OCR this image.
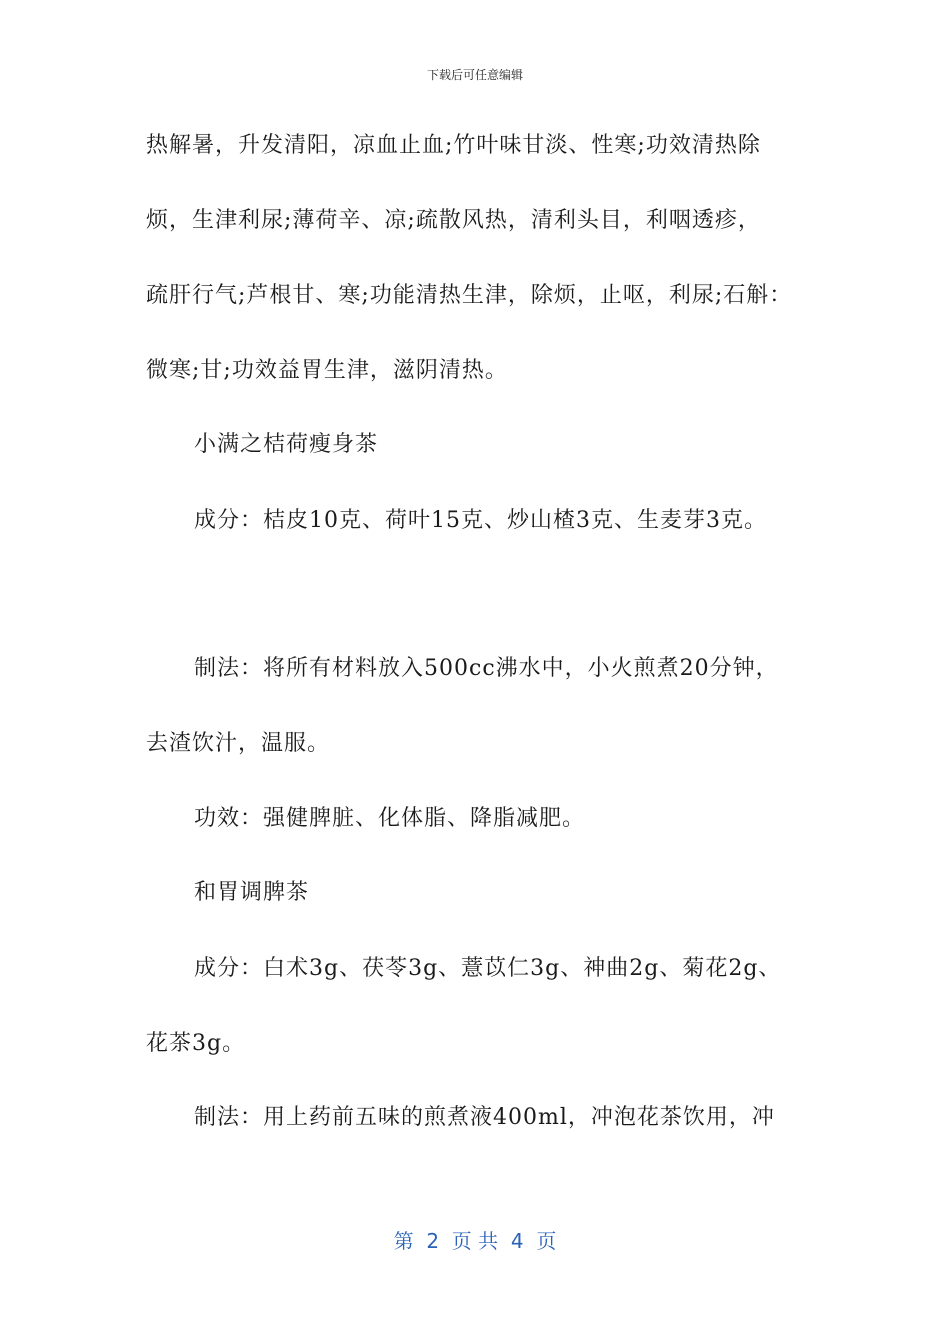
下载后可任意编辑
热解暑，升发清阳，凉血止血;竹叶味甘淡、性寒;功效清热除
烦，生津利尿;薄荷辛、凉;疏散风热，清利头目，利咽透疹，
疏肝行气;芦根甘、寒;功能清热生津，除烦，止呕，利尿;石斛：
微寒;甘;功效益胃生津，滋阴清热。
小满之桔荷瘦身茶
成分：桔皮10克、荷叶15克、炒山楂3克、生麦芽3克。
制法：将所有材料放入500cc沸水中，小火煎煮20分钟，
去渣饮汁，温服。
功效：强健脾脏、化体脂、降脂减肥。
和胃调脾茶
成分：白术3g、茯苓3g、薏苡仁3g、神曲2g、菊花2g、
花茶3g。
制法：用上药前五味的煎煮液400ml，冲泡花茶饮用，冲
第  2  页 共  4  页
